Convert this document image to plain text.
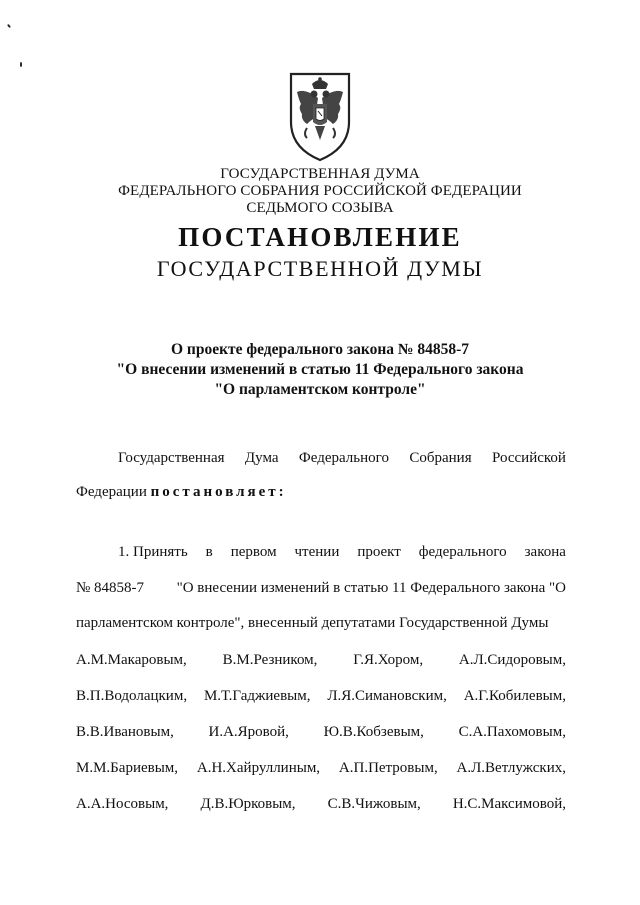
ГОСУДАРСТВЕННАЯ ДУМА
ФЕДЕРАЛЬНОГО СОБРАНИЯ РОССИЙСКОЙ ФЕДЕРАЦИИ
СЕДЬМОГО СОЗЫВА
ПОСТАНОВЛЕНИЕ
ГОСУДАРСТВЕННОЙ ДУМЫ
О проекте федерального закона № 84858-7
"О внесении изменений в статью 11 Федерального закона
"О парламентском контроле"
Государственная Дума Федерального Собрания Российской
Федерации постановляет:
1. Принять в первом чтении проект федерального закона
№ 84858-7 "О внесении изменений в статью 11 Федерального закона "О
парламентском контроле", внесенный депутатами Государственной Думы
А.М.Макаровым, В.М.Резником, Г.Я.Хором, А.Л.Сидоровым,
В.П.Водолацким, М.Т.Гаджиевым, Л.Я.Симановским, А.Г.Кобилевым,
В.В.Ивановым, И.А.Яровой, Ю.В.Кобзевым, С.А.Пахомовым,
М.М.Бариевым, А.Н.Хайруллиным, А.П.Петровым, А.Л.Ветлужских,
А.А.Носовым, Д.В.Юрковым, С.В.Чижовым, Н.С.Максимовой,
